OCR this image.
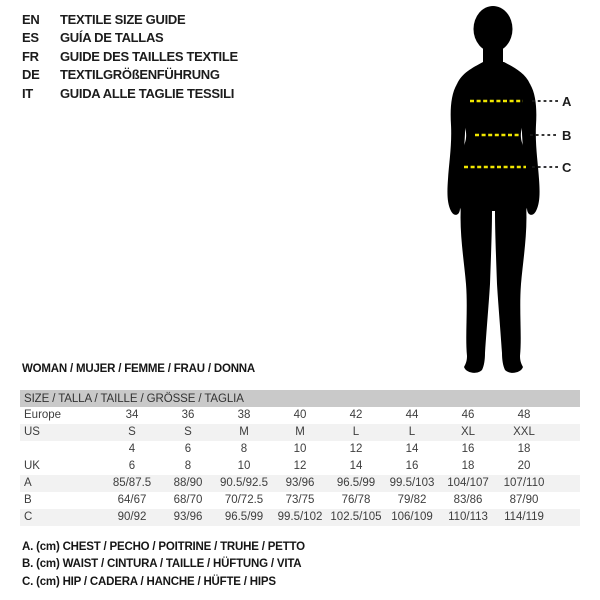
EN	TEXTILE SIZE GUIDE
ES	GUÍA DE TALLAS
FR	GUIDE DES TAILLES TEXTILE
DE	TEXTILGRÖßENFÜHRUNG
IT	GUIDA ALLE TAGLIE TESSILI
A
B
C
WOMAN / MUJER / FEMME / FRAU / DONNA
SIZE / TALLA / TAILLE / GRÖSSE / TAGLIA									
Europe	34	36	38	40	42	44	46	48	
US	S	S	M	M	L	L	XL	XXL	
	4	6	8	10	12	14	16	18	
UK	6	8	10	12	14	16	18	20	
A	85/87.5	88/90	90.5/92.5	93/96	96.5/99	99.5/103	104/107	107/110	
B	64/67	68/70	70/72.5	73/75	76/78	79/82	83/86	87/90	
C	90/92	93/96	96.5/99	99.5/102	102.5/105	106/109	110/113	114/119	
A. (cm) CHEST / PECHO / POITRINE / TRUHE / PETTO
B. (cm) WAIST / CINTURA / TAILLE / HÜFTUNG / VITA
C. (cm) HIP / CADERA / HANCHE / HÜFTE / HIPS
